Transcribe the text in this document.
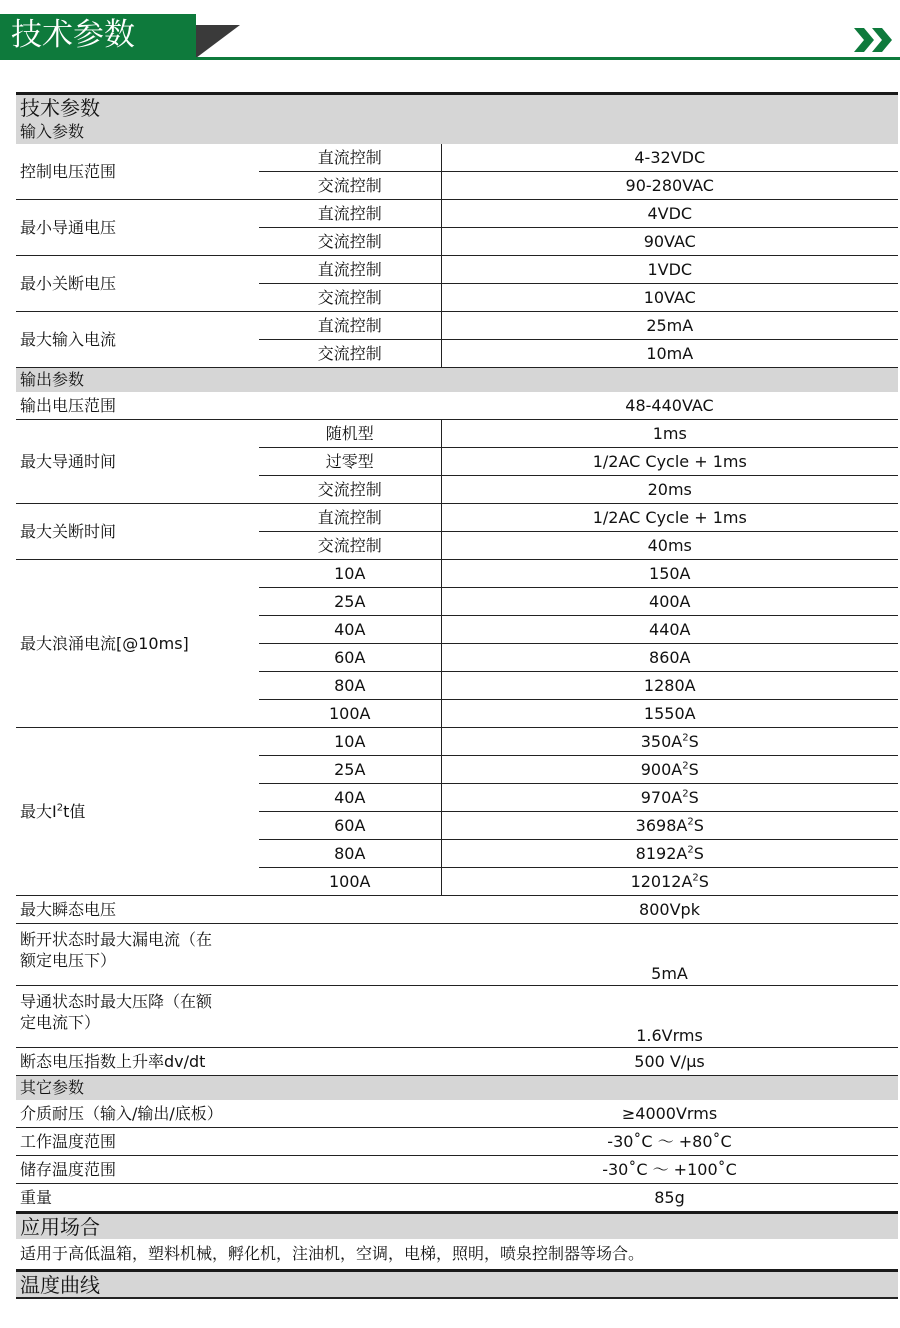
技术参数
技术参数		
输入参数		
控制电压范围	直流控制	4-32VDC
	交流控制	90-280VAC
最小导通电压	直流控制	4VDC
	交流控制	90VAC
最小关断电压	直流控制	1VDC
	交流控制	10VAC
最大输入电流	直流控制	25mA
	交流控制	10mA
输出参数		
输出电压范围		48-440VAC
最大导通时间	随机型	1ms
	过零型	1/2AC Cycle + 1ms
	交流控制	20ms
最大关断时间	直流控制	1/2AC Cycle + 1ms
	交流控制	40ms
最大浪涌电流[@10ms]	10A	150A
	25A	400A
	40A	440A
	60A	860A
	80A	1280A
	100A	1550A
最大$I^2t$值	10A	$350A^2S$
	25A	$900A^2S$
	40A	$970A^2S$
	60A	$3698A^2S$
	80A	$8192A^2S$
	100A	$12012A^2S$
最大瞬态电压		800Vpk

断开状态时最大漏电流（在
额定电压下）		5mA

导通状态时最大压降（在额
定电流下）		1.6Vrms
断态电压指数上升率dv/dt		500 V/μs
其它参数		
介质耐压（输入/输出/底板）		≥4000Vrms
工作温度范围		-30˚C ～ +80˚C
储存温度范围		-30˚C ～ +100˚C
重量		85g
应用场合		
适用于高低温箱，塑料机械，孵化机，注油机，空调，电梯，照明，喷泉控制器等场合。		
温度曲线		
